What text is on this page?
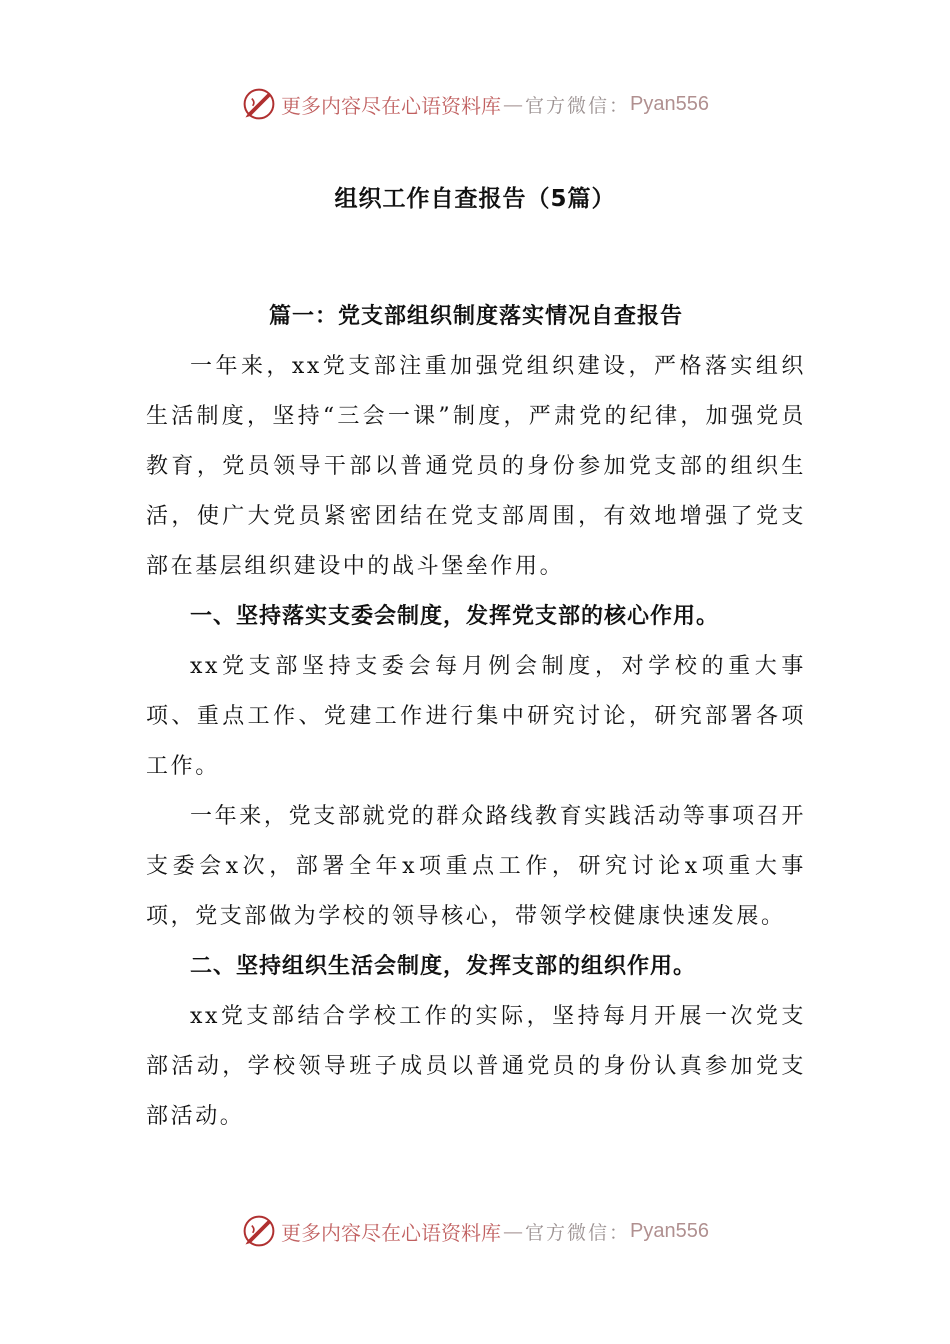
更多内容尽在心语资料库 — 官方微信： Pyan556
组织工作自查报告（5篇）

篇一：党支部组织制度落实情况自查报告

一年来，xx党支部注重加强党组织建设，严格落实组织生活制度，坚持“三会一课”制度，严肃党的纪律，加强党员教育，党员领导干部以普通党员的身份参加党支部的组织生活，使广大党员紧密团结在党支部周围，有效地增强了党支部在基层组织建设中的战斗堡垒作用。

一、坚持落实支委会制度，发挥党支部的核心作用。

xx党支部坚持支委会每月例会制度，对学校的重大事项、重点工作、党建工作进行集中研究讨论，研究部署各项工作。

一年来，党支部就党的群众路线教育实践活动等事项召开支委会x次，部署全年x项重点工作，研究讨论x项重大事项，党支部做为学校的领导核心，带领学校健康快速发展。

二、坚持组织生活会制度，发挥支部的组织作用。

xx党支部结合学校工作的实际，坚持每月开展一次党支部活动，学校领导班子成员以普通党员的身份认真参加党支部活动。

更多内容尽在心语资料库 — 官方微信： Pyan556
